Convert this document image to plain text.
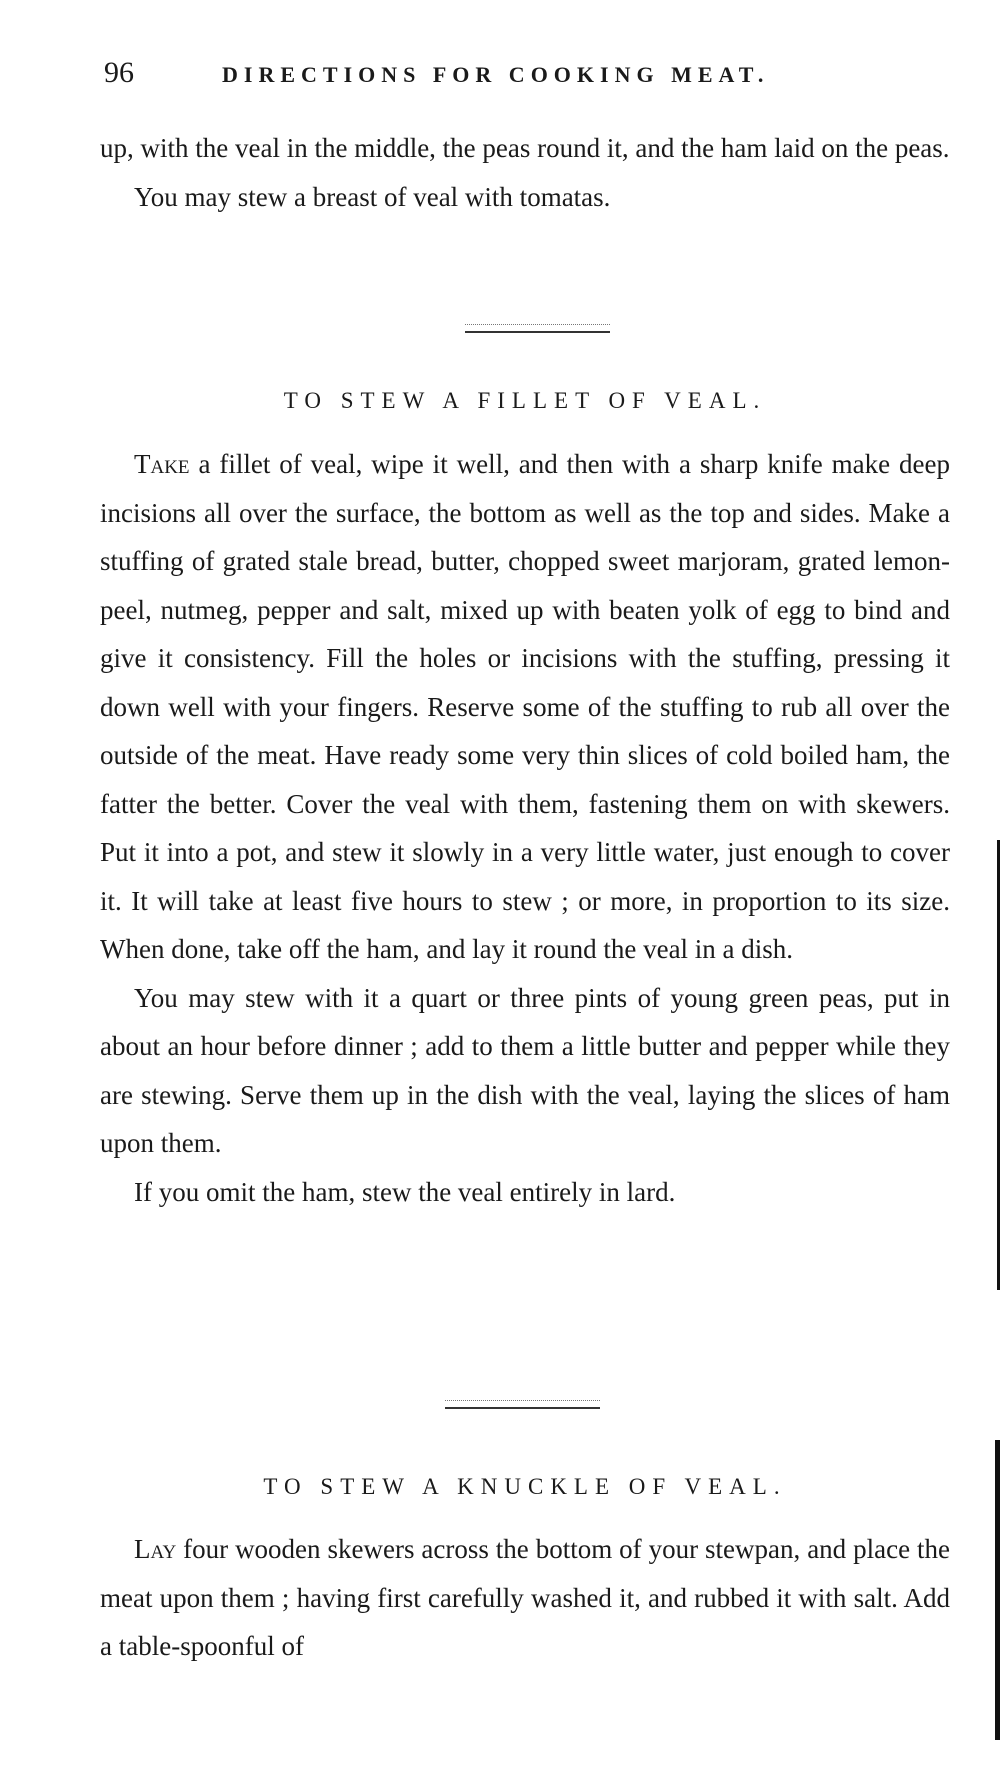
96	DIRECTIONS FOR COOKING MEAT.

up, with the veal in the middle, the peas round it, and the ham laid on the peas.

You may stew a breast of veal with tomatas.

TO STEW A FILLET OF VEAL.

Take a fillet of veal, wipe it well, and then with a sharp knife make deep incisions all over the surface, the bottom as well as the top and sides. Make a stuffing of grated stale bread, butter, chopped sweet marjoram, grated lemon-peel, nutmeg, pepper and salt, mixed up with beaten yolk of egg to bind and give it consistency. Fill the holes or incisions with the stuffing, pressing it down well with your fingers. Reserve some of the stuffing to rub all over the outside of the meat. Have ready some very thin slices of cold boiled ham, the fatter the better. Cover the veal with them, fastening them on with skewers. Put it into a pot, and stew it slowly in a very little water, just enough to cover it. It will take at least five hours to stew ; or more, in proportion to its size. When done, take off the ham, and lay it round the veal in a dish.

You may stew with it a quart or three pints of young green peas, put in about an hour before dinner ; add to them a little butter and pepper while they are stewing. Serve them up in the dish with the veal, laying the slices of ham upon them.

If you omit the ham, stew the veal entirely in lard.

TO STEW A KNUCKLE OF VEAL.

Lay four wooden skewers across the bottom of your stewpan, and place the meat upon them ; having first carefully washed it, and rubbed it with salt. Add a table-spoonful of
